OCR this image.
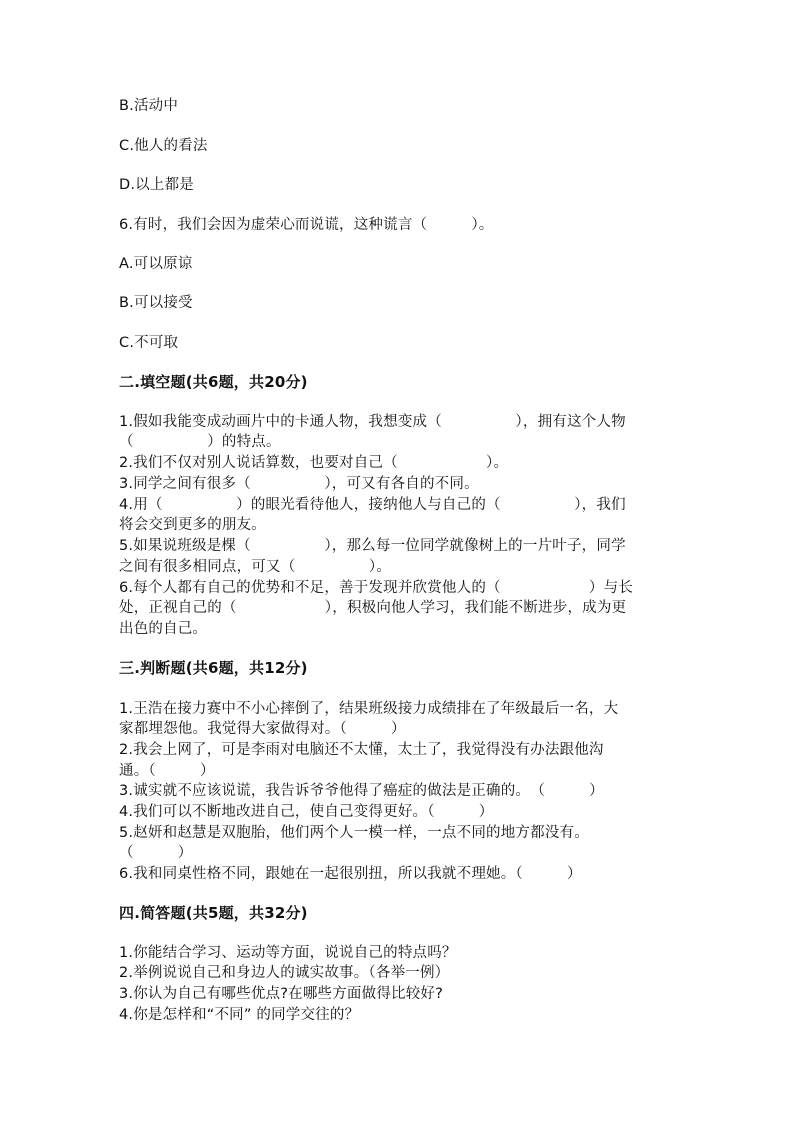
B.活动中
C.他人的看法
D.以上都是
6.有时，我们会因为虚荣心而说谎，这种谎言（　　　）。
A.可以原谅
B.可以接受
C.不可取
二.填空题(共6题，共20分)
1.假如我能变成动画片中的卡通人物，我想变成（　　　　　），拥有这个人物
（　　　　　）的特点。
2.我们不仅对别人说话算数，也要对自己（　　　　　　）。
3.同学之间有很多（　　　　　），可又有各自的不同。
4.用（　　　　　）的眼光看待他人，接纳他人与自己的（　　　　　），我们
将会交到更多的朋友。
5.如果说班级是棵（　　　　　），那么每一位同学就像树上的一片叶子，同学
之间有很多相同点，可又（　　　　　）。
6.每个人都有自己的优势和不足，善于发现并欣赏他人的（　　　　　　）与长
处，正视自己的（　　　　　　），积极向他人学习，我们能不断进步，成为更
出色的自己。
三.判断题(共6题，共12分)
1.王浩在接力赛中不小心摔倒了，结果班级接力成绩排在了年级最后一名，大
家都埋怨他。我觉得大家做得对。（　　　）
2.我会上网了，可是李雨对电脑还不太懂，太土了，我觉得没有办法跟他沟
通。（　　　）
3.诚实就不应该说谎，我告诉爷爷他得了癌症的做法是正确的。　（　　　）
4.我们可以不断地改进自己，使自己变得更好。（　　　）
5.赵妍和赵慧是双胞胎，他们两个人一模一样，一点不同的地方都没有。
（　　　）
6.我和同桌性格不同，跟她在一起很别扭，所以我就不理她。（　　　）
四.简答题(共5题，共32分)
1.你能结合学习、运动等方面，说说自己的特点吗？
2.举例说说自己和身边人的诚实故事。（各举一例）
3.你认为自己有哪些优点?在哪些方面做得比较好?
4.你是怎样和“不同” 的同学交往的？
